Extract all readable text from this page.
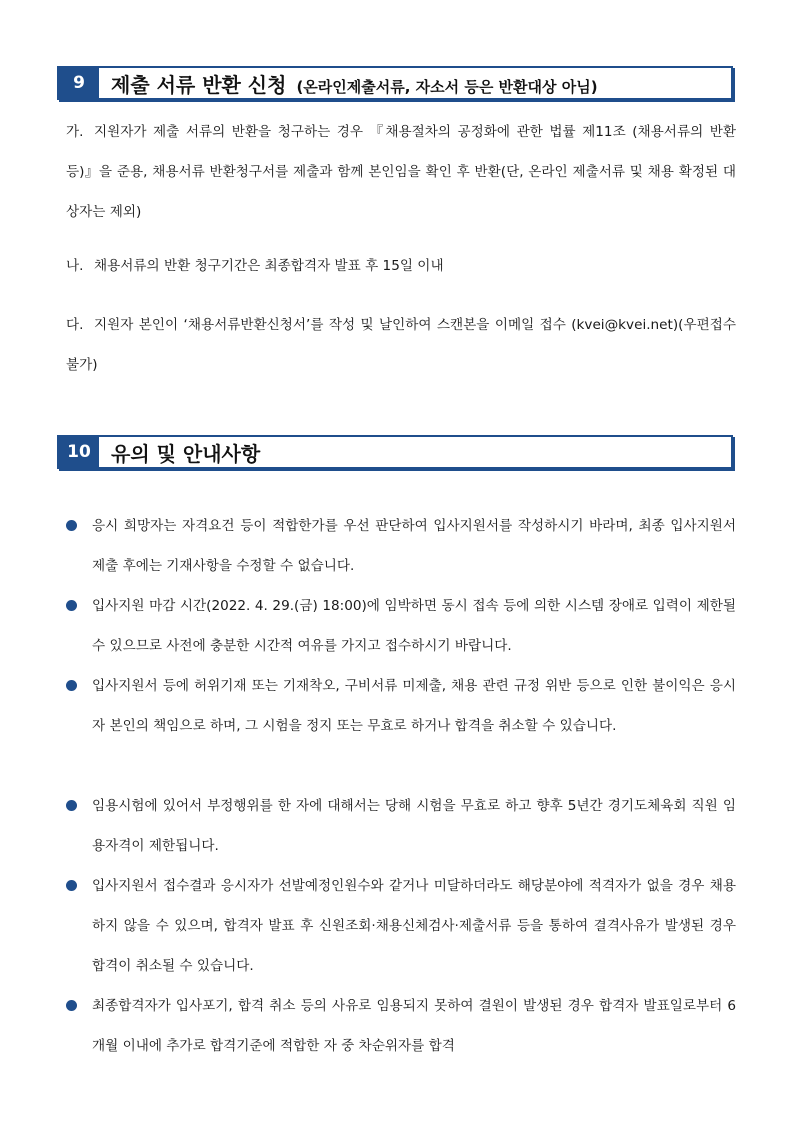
9	제출 서류 반환 신청 (온라인제출서류, 자소서 등은 반환대상 아님)
가. 지원자가 제출 서류의 반환을 청구하는 경우 『채용절차의 공정화에 관한 법률 제11조 (채용서류의 반환 등)』을 준용, 채용서류 반환청구서를 제출과 함께 본인임을 확인 후 반환(단, 온라인 제출서류 및 채용 확정된 대상자는 제외)
나. 채용서류의 반환 청구기간은 최종합격자 발표 후 15일 이내
다. 지원자 본인이 ‘채용서류반환신청서’를 작성 및 날인하여 스캔본을 이메일 접수 (kvei@kvei.net)(우편접수 불가)
10	유의 및 안내사항
응시 희망자는 자격요건 등이 적합한가를 우선 판단하여 입사지원서를 작성하시기 바라며, 최종 입사지원서 제출 후에는 기재사항을 수정할 수 없습니다.
입사지원 마감 시간(2022. 4. 29.(금) 18:00)에 임박하면 동시 접속 등에 의한 시스템 장애로 입력이 제한될 수 있으므로 사전에 충분한 시간적 여유를 가지고 접수하시기 바랍니다.
입사지원서 등에 허위기재 또는 기재착오, 구비서류 미제출, 채용 관련 규정 위반 등으로 인한 불이익은 응시자 본인의 책임으로 하며, 그 시험을 정지 또는 무효로 하거나 합격을 취소할 수 있습니다.
임용시험에 있어서 부정행위를 한 자에 대해서는 당해 시험을 무효로 하고 향후 5년간 경기도체육회 직원 임용자격이 제한됩니다.
입사지원서 접수결과 응시자가 선발예정인원수와 같거나 미달하더라도 해당분야에 적격자가 없을 경우 채용하지 않을 수 있으며, 합격자 발표 후 신원조회·채용신체검사·제출서류 등을 통하여 결격사유가 발생된 경우 합격이 취소될 수 있습니다.
최종합격자가 입사포기, 합격 취소 등의 사유로 임용되지 못하여 결원이 발생된 경우 합격자 발표일로부터 6개월 이내에 추가로 합격기준에 적합한 자 중 차순위자를 합격
